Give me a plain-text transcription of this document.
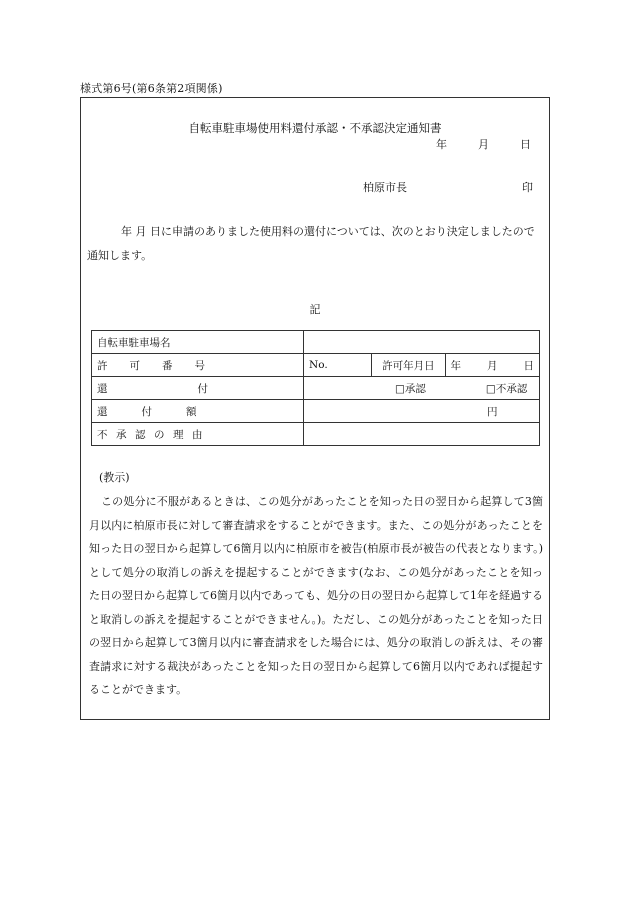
様式第6号(第6条第2項関係)
自転車駐車場使用料還付承認・不承認決定通知書
年	月	日
柏原市長	印
年 月 日に申請のありました使用料の還付については、次のとおり決定しましたので通知します。
記
自転車駐車場名			

許可番号	No.	許可年月日	年 月 日

還付	□承認 □不承認		

還付額	円		

不承認の理由			

(教示)
この処分に不服があるときは、この処分があったことを知った日の翌日から起算して3箇月以内に柏原市長に対して審査請求をすることができます。また、この処分があったことを知った日の翌日から起算して6箇月以内に柏原市を被告(柏原市長が被告の代表となります。)として処分の取消しの訴えを提起することができます(なお、この処分があったことを知った日の翌日から起算して6箇月以内であっても、処分の日の翌日から起算して1年を経過すると取消しの訴えを提起することができません。)。ただし、この処分があったことを知った日の翌日から起算して3箇月以内に審査請求をした場合には、処分の取消しの訴えは、その審査請求に対する裁決があったことを知った日の翌日から起算して6箇月以内であれば提起することができます。
